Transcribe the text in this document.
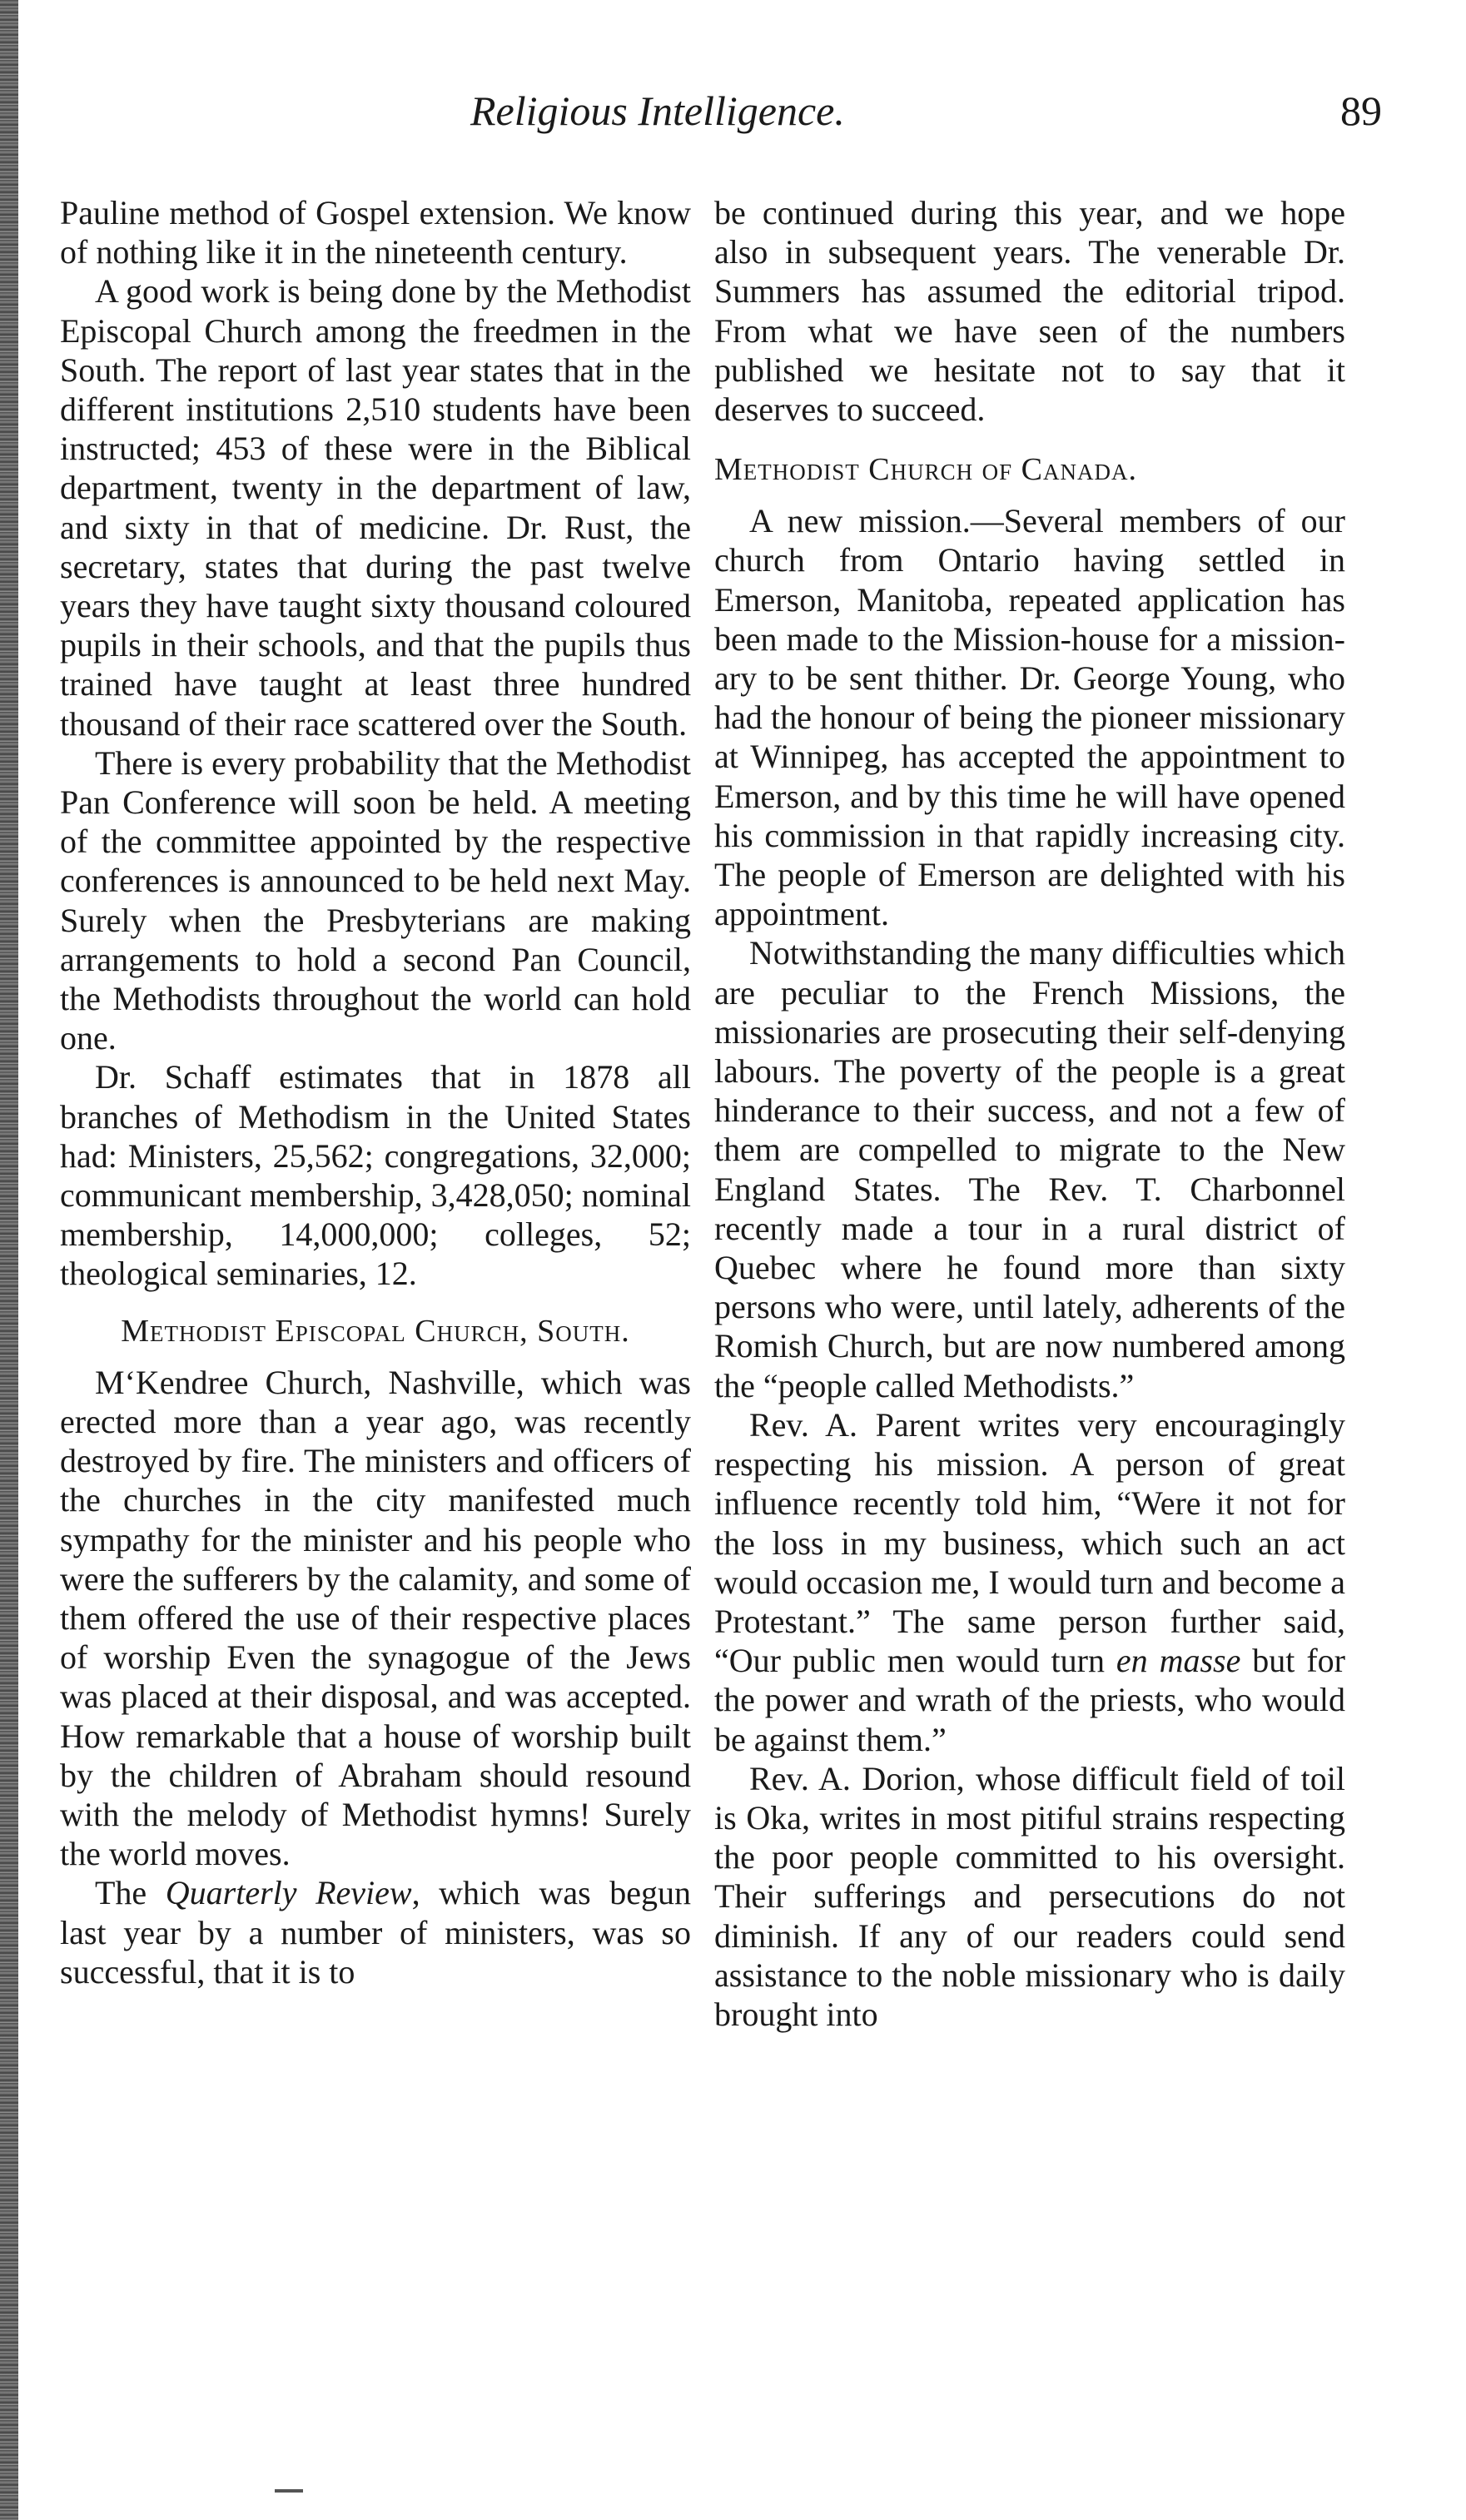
Religious Intelligence.	89

Pauline method of Gospel extension. We know of nothing like it in the nineteenth century.

A good work is being done by the Methodist Episcopal Church among the freedmen in the South. The report of last year states that in the different institutions 2,510 students have been instructed; 453 of these were in the Biblical department, twenty in the department of law, and sixty in that of medicine. Dr. Rust, the secretary, states that during the past twelve years they have taught sixty thousand coloured pupils in their schools, and that the pupils thus trained have taught at least three hundred thousand of their race scattered over the South.

There is every probability that the Methodist Pan Conference will soon be held. A meeting of the committee appointed by the respective conferences is announced to be held next May. Surely when the Presbyterians are making arrangements to hold a second Pan Council, the Methodists throughout the world can hold one.

Dr. Schaff estimates that in 1878 all branches of Methodism in the United States had: Ministers, 25,562; congregations, 32,000; communicant membership, 3,428,050; nominal membership, 14,000,000; colleges, 52; theological seminaries, 12.

Methodist Episcopal Church, South.

M‘Kendree Church, Nashville, which was erected more than a year ago, was recently destroyed by fire. The ministers and officers of the churches in the city manifested much sympathy for the minister and his people who were the sufferers by the calamity, and some of them offered the use of their respective places of worship Even the synagogue of the Jews was placed at their disposal, and was accepted. How remarkable that a house of worship built by the children of Abraham should resound with the melody of Methodist hymns! Surely the world moves.

The Quarterly Review, which was begun last year by a number of ministers, was so successful, that it is to

be continued during this year, and we hope also in subsequent years. The venerable Dr. Summers has assumed the editorial tripod. From what we have seen of the numbers published we hesitate not to say that it deserves to succeed.

Methodist Church of Canada.

A new mission.—Several members of our church from Ontario having settled in Emerson, Manitoba, repeated application has been made to the Mission-house for a missionary to be sent thither. Dr. George Young, who had the honour of being the pioneer missionary at Winnipeg, has accepted the appointment to Emerson, and by this time he will have opened his commission in that rapidly increasing city. The people of Emerson are delighted with his appointment.

Notwithstanding the many difficulties which are peculiar to the French Missions, the missionaries are prosecuting their self-denying labours. The poverty of the people is a great hinderance to their success, and not a few of them are compelled to migrate to the New England States. The Rev. T. Charbonnel recently made a tour in a rural district of Quebec where he found more than sixty persons who were, until lately, adherents of the Romish Church, but are now numbered among the “people called Methodists.”

Rev. A. Parent writes very encouragingly respecting his mission. A person of great influence recently told him, “Were it not for the loss in my business, which such an act would occasion me, I would turn and become a Protestant.” The same person further said, “Our public men would turn en masse but for the power and wrath of the priests, who would be against them.”

Rev. A. Dorion, whose difficult field of toil is Oka, writes in most pitiful strains respecting the poor people committed to his oversight. Their sufferings and persecutions do not diminish. If any of our readers could send assistance to the noble missionary who is daily brought into
